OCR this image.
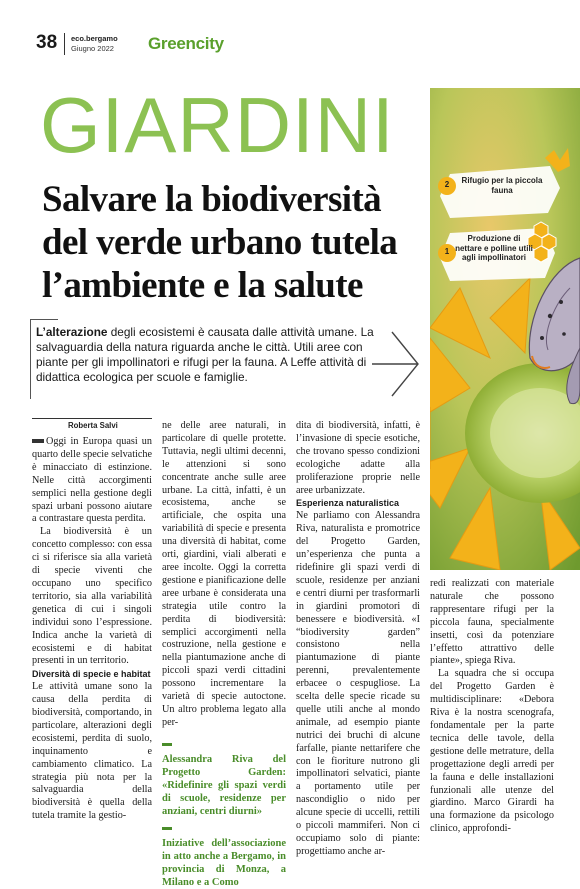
38 eco.bergamo
Giugno 2022 Greencity
GIARDINI
Salvare la biodiversità del verde urbano tutela l’ambiente e la salute
2	Rifugio per la piccola fauna
1
Produzione di nettare e polline utili agli impollinatori
L’alterazione degli ecosistemi è causata dalle attività umane. La salvaguardia della natura riguarda anche le città. Utili aree con piante per gli impollinatori e rifugi per la fauna. A Leffe attività di didattica ecologica per scuole e famiglie.
Roberta Salvi

Oggi in Europa quasi un quarto delle specie selvatiche è minacciato di estinzione. Nelle città accorgimenti semplici nella gestione degli spazi urbani possono aiutare a contrastare questa perdita.

La biodiversità è un concetto complesso: con essa ci si riferisce sia alla varietà di specie viventi che occupano uno specifico territorio, sia alla variabilità genetica di cui i singoli individui sono l’espressione. Indica anche la varietà di ecosistemi e di habitat presenti in un territorio.

Diversità di specie e habitat

Le attività umane sono la causa della perdita di biodiversità, comportando, in particolare, alterazioni degli ecosistemi, perdita di suolo, inquinamento e cambiamento climatico. La strategia più nota per la salvaguardia della biodiversità è quella della tutela tramite la gestio-

ne delle aree naturali, in particolare di quelle protette. Tuttavia, negli ultimi decenni, le attenzioni si sono concentrate anche sulle aree urbane. La città, infatti, è un ecosistema, anche se artificiale, che ospita una variabilità di specie e presenta una diversità di habitat, come orti, giardini, viali alberati e aree incolte. Oggi la corretta gestione e pianificazione delle aree urbane è considerata una strategia utile contro la perdita di biodiversità: semplici accorgimenti nella costruzione, nella gestione e nella piantumazione anche di piccoli spazi verdi cittadini possono incrementare la varietà di specie autoctone. Un altro problema legato alla per-

Alessandra Riva del Progetto Garden: «Ridefinire gli spazi verdi di scuole, residenze per anziani, centri diurni»

Iniziative dell’associazione in atto anche a Bergamo, in provincia di Monza, a Milano e a Como

dita di biodiversità, infatti, è l’invasione di specie esotiche, che trovano spesso condizioni ecologiche adatte alla proliferazione proprie nelle aree urbanizzate.

Esperienza naturalistica

Ne parliamo con Alessandra Riva, naturalista e promotrice del Progetto Garden, un’esperienza che punta a ridefinire gli spazi verdi di scuole, residenze per anziani e centri diurni per trasformarli in giardini promotori di benessere e biodiversità. «I “biodiversity garden” consistono nella piantumazione di piante perenni, prevalentemente erbacee o cespugliose. La scelta delle specie ricade su quelle utili anche al mondo animale, ad esempio piante nutrici dei bruchi di alcune farfalle, piante nettarifere che con le fioriture nutrono gli impollinatori selvatici, piante a portamento utile per nascondiglio o nido per alcune specie di uccelli, rettili o piccoli mammiferi. Non ci occupiamo solo di piante: progettiamo anche ar-

redi realizzati con materiale naturale che possono rappresentare rifugi per la piccola fauna, specialmente insetti, così da potenziare l’effetto attrattivo delle piante», spiega Riva.

La squadra che si occupa del Progetto Garden è multidisciplinare: «Debora Riva è la nostra scenografa, fondamentale per la parte tecnica delle tavole, della gestione delle metrature, della progettazione degli arredi per la fauna e delle installazioni funzionali alle utenze del giardino. Marco Girardi ha una formazione da psicologo clinico, approfondi-
